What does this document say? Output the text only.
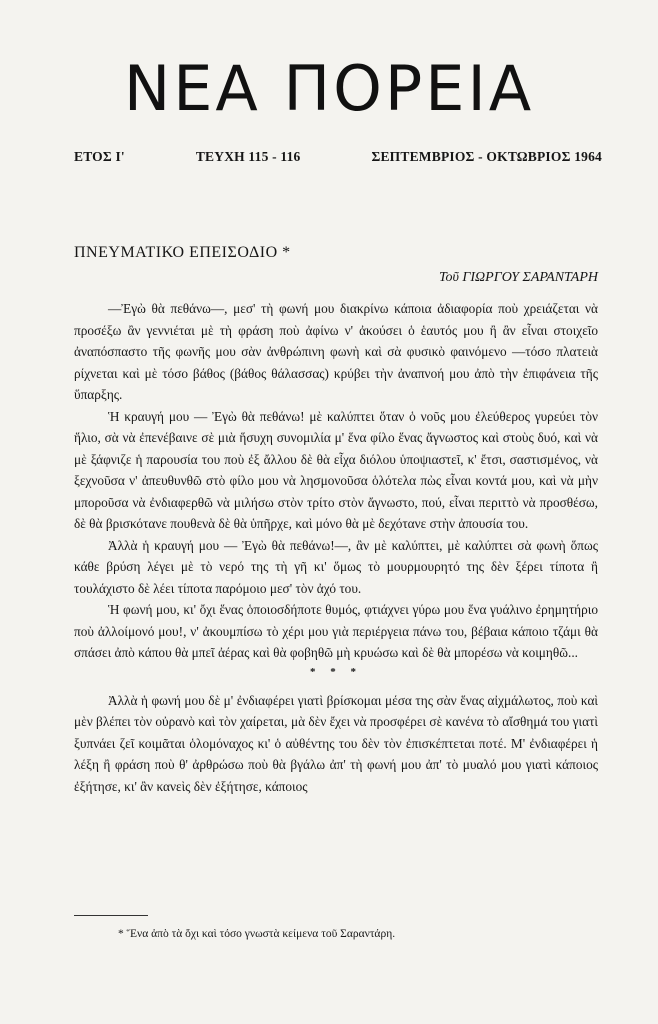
ΝΕΑ ΠΟΡΕΙΑ
ΕΤΟΣ Ι'	ΤΕΥΧΗ 115 - 116	ΣΕΠΤΕΜΒΡΙΟΣ - ΟΚΤΩΒΡΙΟΣ 1964
ΠΝΕΥΜΑΤΙΚΟ ΕΠΕΙΣΟΔΙΟ *
Τοῦ ΓΙΩΡΓΟΥ ΣΑΡΑΝΤΑΡΗ

—Ἐγὼ θὰ πεθάνω—, μεσ' τὴ φωνή μου διακρίνω κάποια ἀδιαφορία ποὺ χρειάζεται νὰ προσέξω ἂν γεννιέται μὲ τὴ φράση ποὺ ἀφίνω ν' ἀκούσει ὁ ἑαυτός μου ἢ ἂν εἶναι στοιχεῖο ἀναπόσπαστο τῆς φωνῆς μου σὰν ἀνθρώπινη φωνὴ καὶ σὰ φυσικὸ φαινόμενο —τόσο πλατειὰ ρίχνεται καὶ μὲ τόσο βάθος (βάθος θάλασσας) κρύβει τὴν ἀναπνοή μου ἀπὸ τὴν ἐπιφάνεια τῆς ὕπαρξης.

Ἡ κραυγή μου — Ἐγὼ θὰ πεθάνω! μὲ καλύπτει ὅταν ὁ νοῦς μου ἐλεύθερος γυρεύει τὸν ἥλιο, σὰ νὰ ἐπενέβαινε σὲ μιὰ ἥσυχη συνομιλία μ' ἕνα φίλο ἕνας ἄγνωστος καὶ στοὺς δυό, καὶ νὰ μὲ ξάφνιζε ἡ παρουσία του ποὺ ἐξ ἄλλου δὲ θὰ εἶχα διόλου ὑποψιαστεῖ, κ' ἔτσι, σαστισμένος, νὰ ξεχνοῦσα ν' ἀπευθυνθῶ στὸ φίλο μου νὰ λησμονοῦσα ὁλότελα πὼς εἶναι κοντά μου, καὶ νὰ μὴν μποροῦσα νὰ ἐνδιαφερθῶ νὰ μιλήσω στὸν τρίτο στὸν ἄγνωστο, πού, εἶναι περιττὸ νὰ προσθέσω, δὲ θὰ βρισκότανε πουθενὰ δὲ θὰ ὑπῆρχε, καὶ μόνο θὰ μὲ δεχότανε στὴν ἀπουσία του.

Ἀλλὰ ἡ κραυγή μου — Ἐγὼ θὰ πεθάνω!—, ἂν μὲ καλύπτει, μὲ καλύπτει σὰ φωνὴ ὅπως κάθε βρύση λέγει μὲ τὸ νερό της τὴ γῆ κι' ὅμως τὸ μουρμουρητό της δὲν ξέρει τίποτα ἢ τουλάχιστο δὲ λέει τίποτα παρόμοιο μεσ' τὸν ἀχό του.

Ἡ φωνή μου, κι' ὄχι ἕνας ὁποιοσδήποτε θυμός, φτιάχνει γύρω μου ἕνα γυάλινο ἐρημητήριο ποὺ ἀλλοίμονό μου!, ν' ἀκουμπίσω τὸ χέρι μου γιὰ περιέργεια πάνω του, βέβαια κάποιο τζάμι θὰ σπάσει ἀπὸ κάπου θὰ μπεῖ ἀέρας καὶ θὰ φοβηθῶ μὴ κρυώσω καὶ δὲ θὰ μπορέσω νὰ κοιμηθῶ...

* * *

Ἀλλὰ ἡ φωνή μου δὲ μ' ἐνδιαφέρει γιατὶ βρίσκομαι μέσα της σὰν ἕνας αἰχμάλωτος, ποὺ καὶ μὲν βλέπει τὸν οὐρανὸ καὶ τὸν χαίρεται, μὰ δὲν ἔχει νὰ προσφέρει σὲ κανένα τὸ αἴσθημά του γιατὶ ξυπνάει ζεῖ κοιμᾶται ὁλομόναχος κι' ὁ αὐθέντης του δὲν τὸν ἐπισκέπτεται ποτέ. Μ' ἐνδιαφέρει ἡ λέξη ἢ φράση ποὺ θ' ἀρθρώσω ποὺ θὰ βγάλω ἀπ' τὴ φωνή μου ἀπ' τὸ μυαλό μου γιατὶ κάποιος ἐξήτησε, κι' ἂν κανεὶς δὲν ἐξήτησε, κάποιος

* Ἕνα ἀπὸ τὰ ὄχι καὶ τόσο γνωστὰ κείμενα τοῦ Σαραντάρη.
